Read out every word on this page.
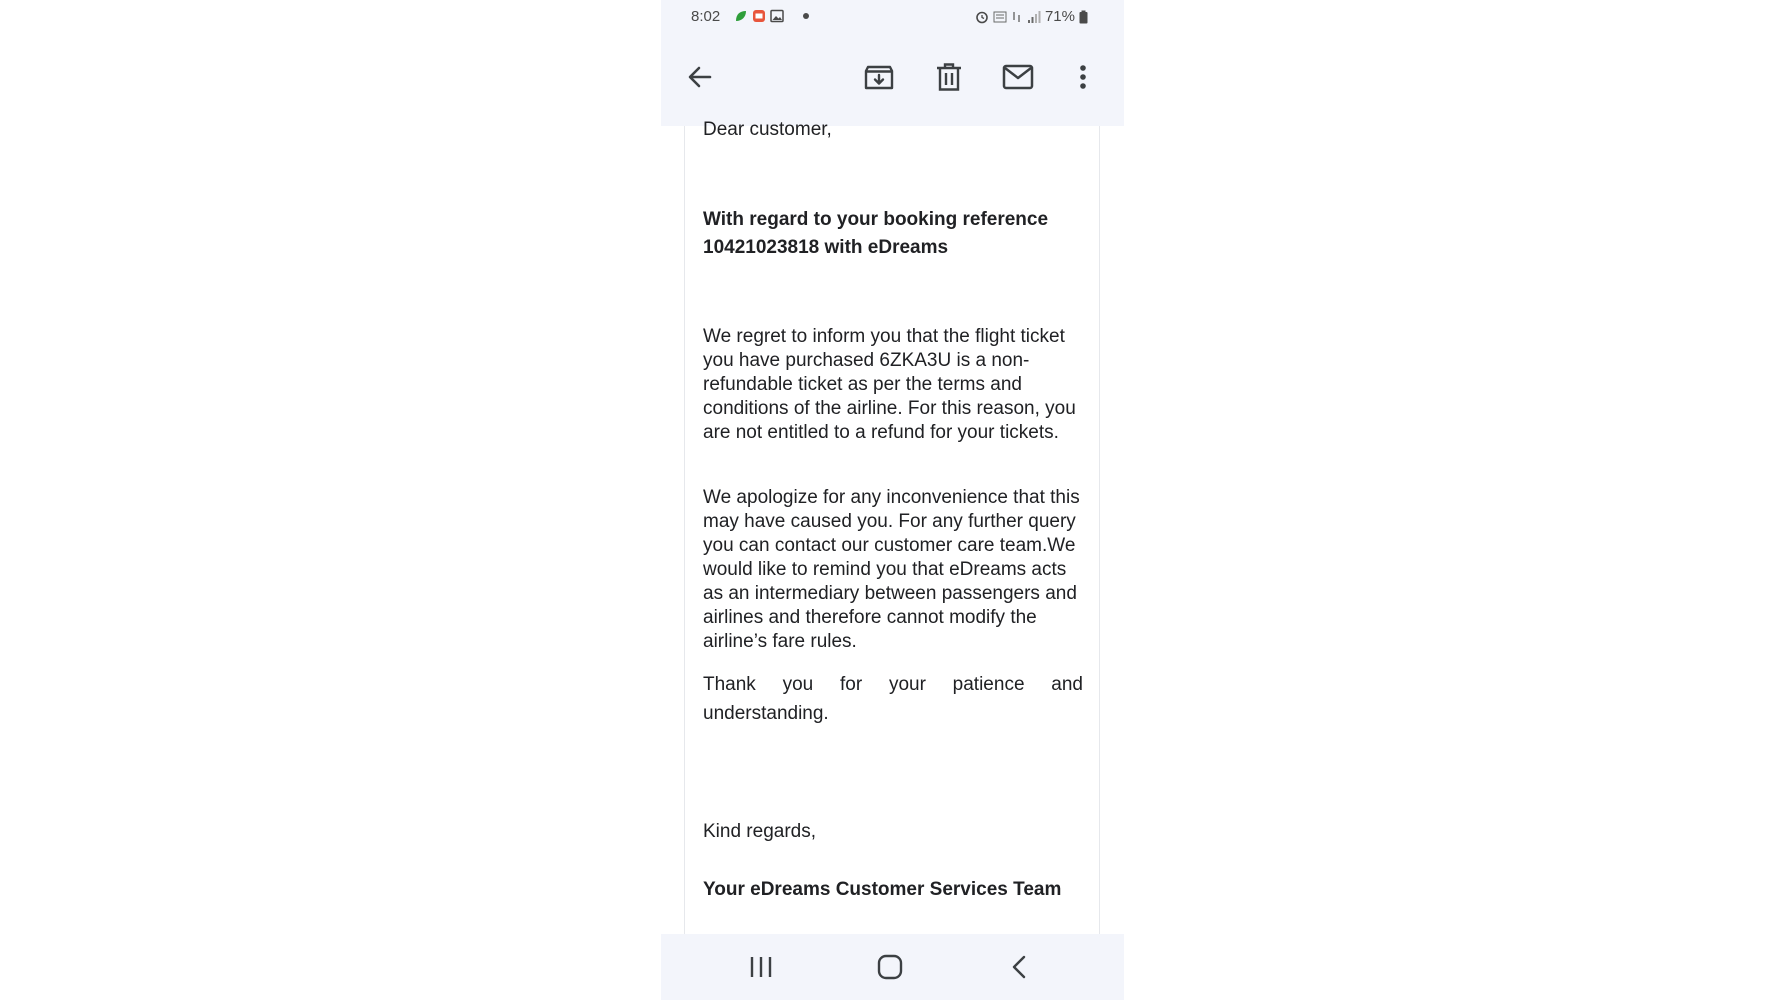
8:02	71%

Dear customer,

With regard to your booking reference 10421023818 with eDreams

We regret to inform you that the flight ticket you have purchased 6ZKA3U is a non-refundable ticket as per the terms and conditions of the airline. For this reason, you are not entitled to a refund for your tickets.

We apologize for any inconvenience that this may have caused you. For any further query you can contact our customer care team.We would like to remind you that eDreams acts as an intermediary between passengers and airlines and therefore cannot modify the airline’s fare rules.

Thank you for your patience and understanding.

Kind regards,

Your eDreams Customer Services Team
